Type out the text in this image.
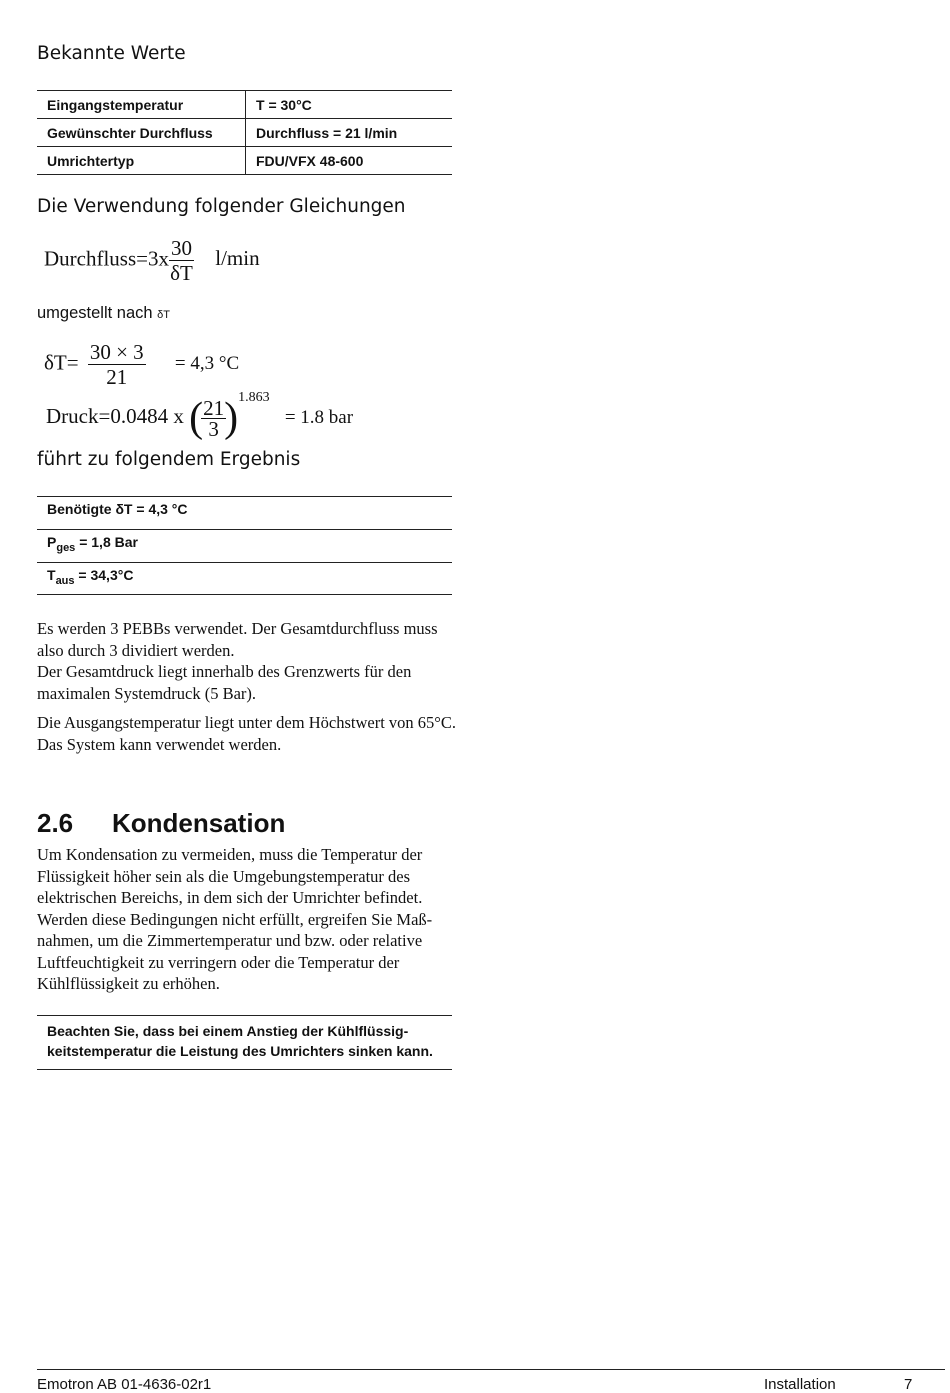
Bekannte Werte
Eingangstemperatur	T = 30°C
Gewünschter Durchfluss	Durchfluss = 21 l/min
Umrichtertyp	FDU/VFX 48-600
Die Verwendung folgender Gleichungen
Durchfluss=3x $\frac{30}{\delta T} l/\min$
umgestellt nach δT
$\delta T= \frac{30 \times 3}{21} = 4,3$ °C
Druck=0.0484 x (
$\frac{21}{3}$
)$^{1.863}$ = 1.8 bar
führt zu folgendem Ergebnis
Benötigte δT = 4,3 °C
$P_{ges} = 1,8$ Bar
$T_{aus} = 34,3^\circ C$

Es werden 3 PEBBs verwendet. Der Gesamtdurchfluss muss also durch 3 dividiert werden.

Der Gesamtdruck liegt innerhalb des Grenzwerts für den maximalen Systemdruck (5 Bar).

Die Ausgangstemperatur liegt unter dem Höchstwert von 65°C.

Das System kann verwendet werden.

2.6 Kondensation
Um Kondensation zu vermeiden, muss die Temperatur der Flüssigkeit höher sein als die Umgebungstemperatur des elektrischen Bereichs, in dem sich der Umrichter befindet. Werden diese Bedingungen nicht erfüllt, ergreifen Sie Maß-nahmen, um die Zimmertemperatur und bzw. oder relative Luftfeuchtigkeit zu verringern oder die Temperatur der Kühlflüssigkeit zu erhöhen.
Beachten Sie, dass bei einem Anstieg der Kühlflüssig-keitstemperatur die Leistung des Umrichters sinken kann.
Emotron AB 01-4636-02r1	Installation	7
